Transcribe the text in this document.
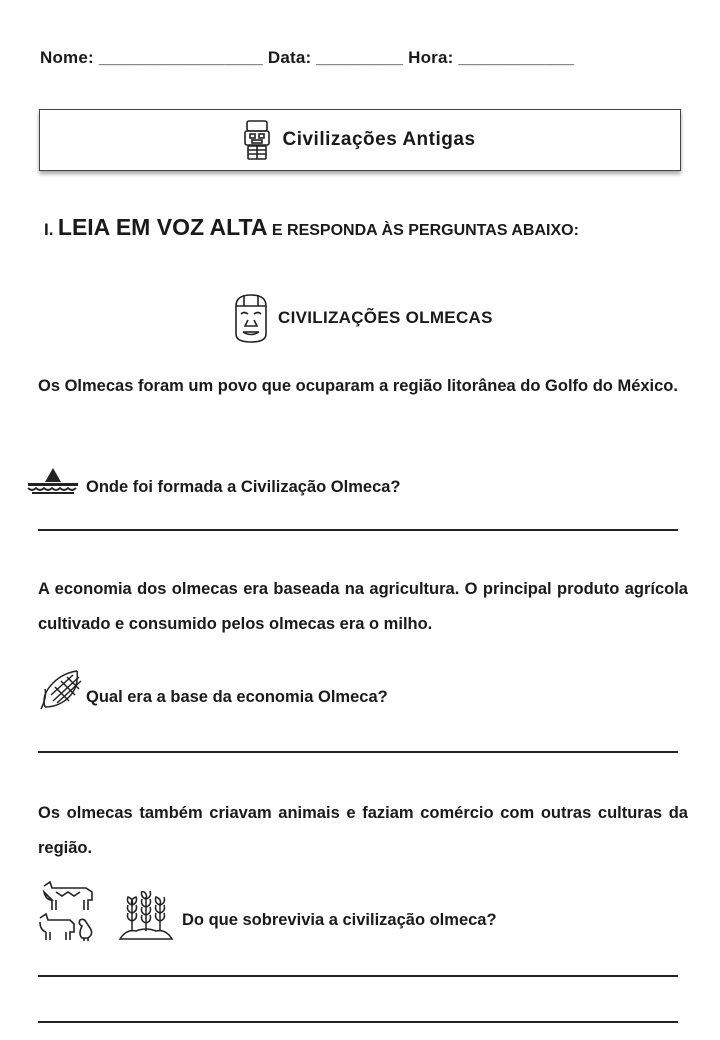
Nome: _________________ Data: _________ Hora: ____________
Civilizações Antigas
I. LEIA EM VOZ ALTA E RESPONDA ÀS PERGUNTAS ABAIXO:
CIVILIZAÇÕES OLMECAS
Os Olmecas foram um povo que ocuparam a região litorânea do Golfo do México.
Onde foi formada a Civilização Olmeca?
A economia dos olmecas era baseada na agricultura. O principal produto agrícola cultivado e consumido pelos olmecas era o milho.
Qual era a base da economia Olmeca?
Os olmecas também criavam animais e faziam comércio com outras culturas da região.
Do que sobrevivia a civilização olmeca?
